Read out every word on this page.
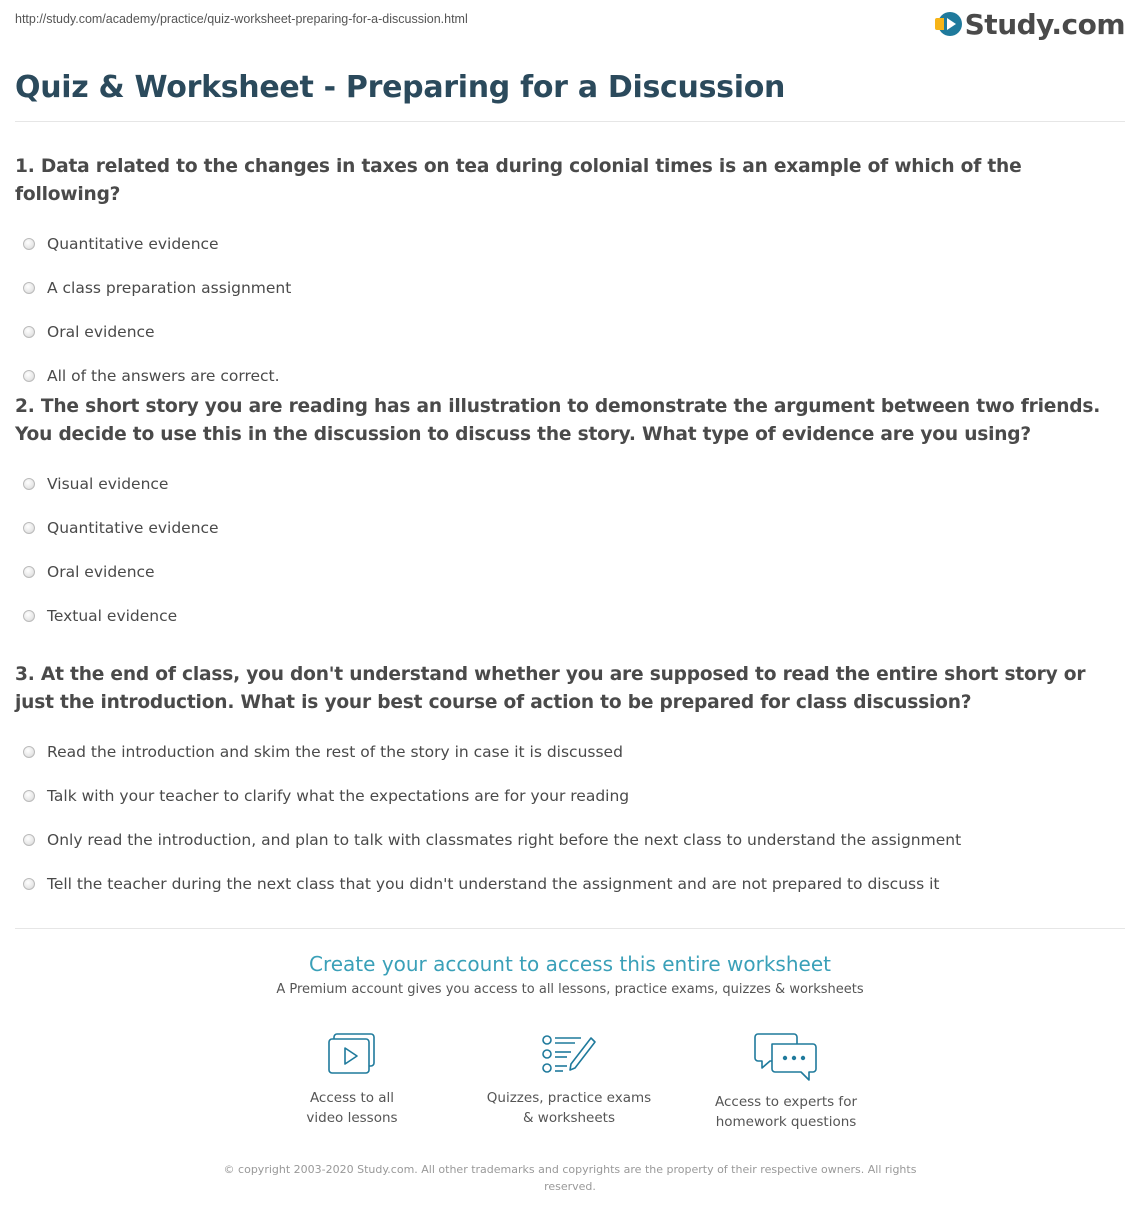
http://study.com/academy/practice/quiz-worksheet-preparing-for-a-discussion.html	Study.com
Quiz & Worksheet - Preparing for a Discussion
1. Data related to the changes in taxes on tea during colonial times is an example of which of the following?
Quantitative evidence
A class preparation assignment
Oral evidence
All of the answers are correct.
2. The short story you are reading has an illustration to demonstrate the argument between two friends. You decide to use this in the discussion to discuss the story. What type of evidence are you using?
Visual evidence
Quantitative evidence
Oral evidence
Textual evidence
3. At the end of class, you don't understand whether you are supposed to read the entire short story or just the introduction. What is your best course of action to be prepared for class discussion?
Read the introduction and skim the rest of the story in case it is discussed
Talk with your teacher to clarify what the expectations are for your reading
Only read the introduction, and plan to talk with classmates right before the next class to understand the assignment
Tell the teacher during the next class that you didn't understand the assignment and are not prepared to discuss it
Create your account to access this entire worksheet
A Premium account gives you access to all lessons, practice exams, quizzes & worksheets
Access to all
video lessons
Quizzes, practice exams
& worksheets
Access to experts for
homework questions
© copyright 2003-2020 Study.com. All other trademarks and copyrights are the property of their respective owners. All rights
reserved.
